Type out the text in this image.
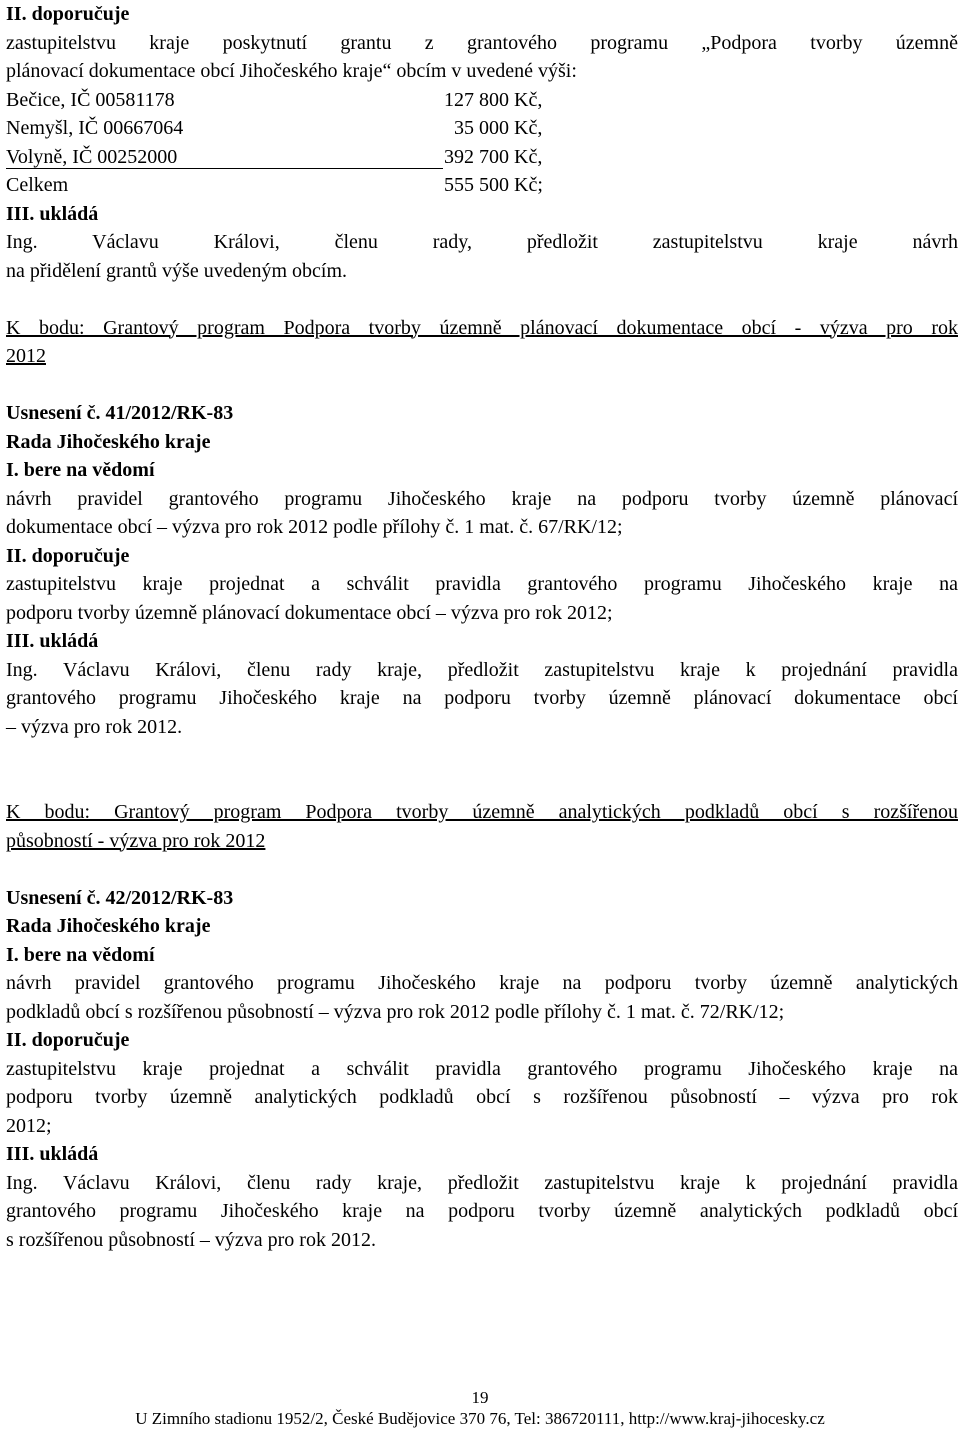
II. doporučuje
zastupitelstvu kraje poskytnutí grantu z grantového programu „Podpora tvorby územně
plánovací dokumentace obcí Jihočeského kraje“ obcím v uvedené výši:
Bečice, IČ 00581178	127 800 Kč,
Nemyšl, IČ 00667064	35 000 Kč,
Volyně, IČ 00252000	392 700 Kč,
Celkem	555 500 Kč;
III. ukládá
Ing. Václavu Královi, členu rady, předložit zastupitelstvu kraje návrh
na přidělení grantů výše uvedeným obcím.
K bodu: Grantový program Podpora tvorby územně plánovací dokumentace obcí - výzva pro rok
2012
Usnesení č. 41/2012/RK-83
Rada Jihočeského kraje
I. bere na vědomí
návrh pravidel grantového programu Jihočeského kraje na podporu tvorby územně plánovací
dokumentace obcí – výzva pro rok 2012 podle přílohy č. 1 mat. č. 67/RK/12;
II. doporučuje
zastupitelstvu kraje projednat a schválit pravidla grantového programu Jihočeského kraje na
podporu tvorby územně plánovací dokumentace obcí – výzva pro rok 2012;
III. ukládá
Ing. Václavu Královi, členu rady kraje, předložit zastupitelstvu kraje k projednání pravidla
grantového programu Jihočeského kraje na podporu tvorby územně plánovací dokumentace obcí
– výzva pro rok 2012.
K bodu: Grantový program Podpora tvorby územně analytických podkladů obcí s rozšířenou
působností - výzva pro rok 2012
Usnesení č. 42/2012/RK-83
Rada Jihočeského kraje
I. bere na vědomí
návrh pravidel grantového programu Jihočeského kraje na podporu tvorby územně analytických
podkladů obcí s rozšířenou působností – výzva pro rok 2012 podle přílohy č. 1 mat. č. 72/RK/12;
II. doporučuje
zastupitelstvu kraje projednat a schválit pravidla grantového programu Jihočeského kraje na
podporu tvorby územně analytických podkladů obcí s rozšířenou působností – výzva pro rok
2012;
III. ukládá
Ing. Václavu Královi, členu rady kraje, předložit zastupitelstvu kraje k projednání pravidla
grantového programu Jihočeského kraje na podporu tvorby územně analytických podkladů obcí
s rozšířenou působností – výzva pro rok 2012.
19
U Zimního stadionu 1952/2, České Budějovice 370 76, Tel: 386720111, http://www.kraj-jihocesky.cz
